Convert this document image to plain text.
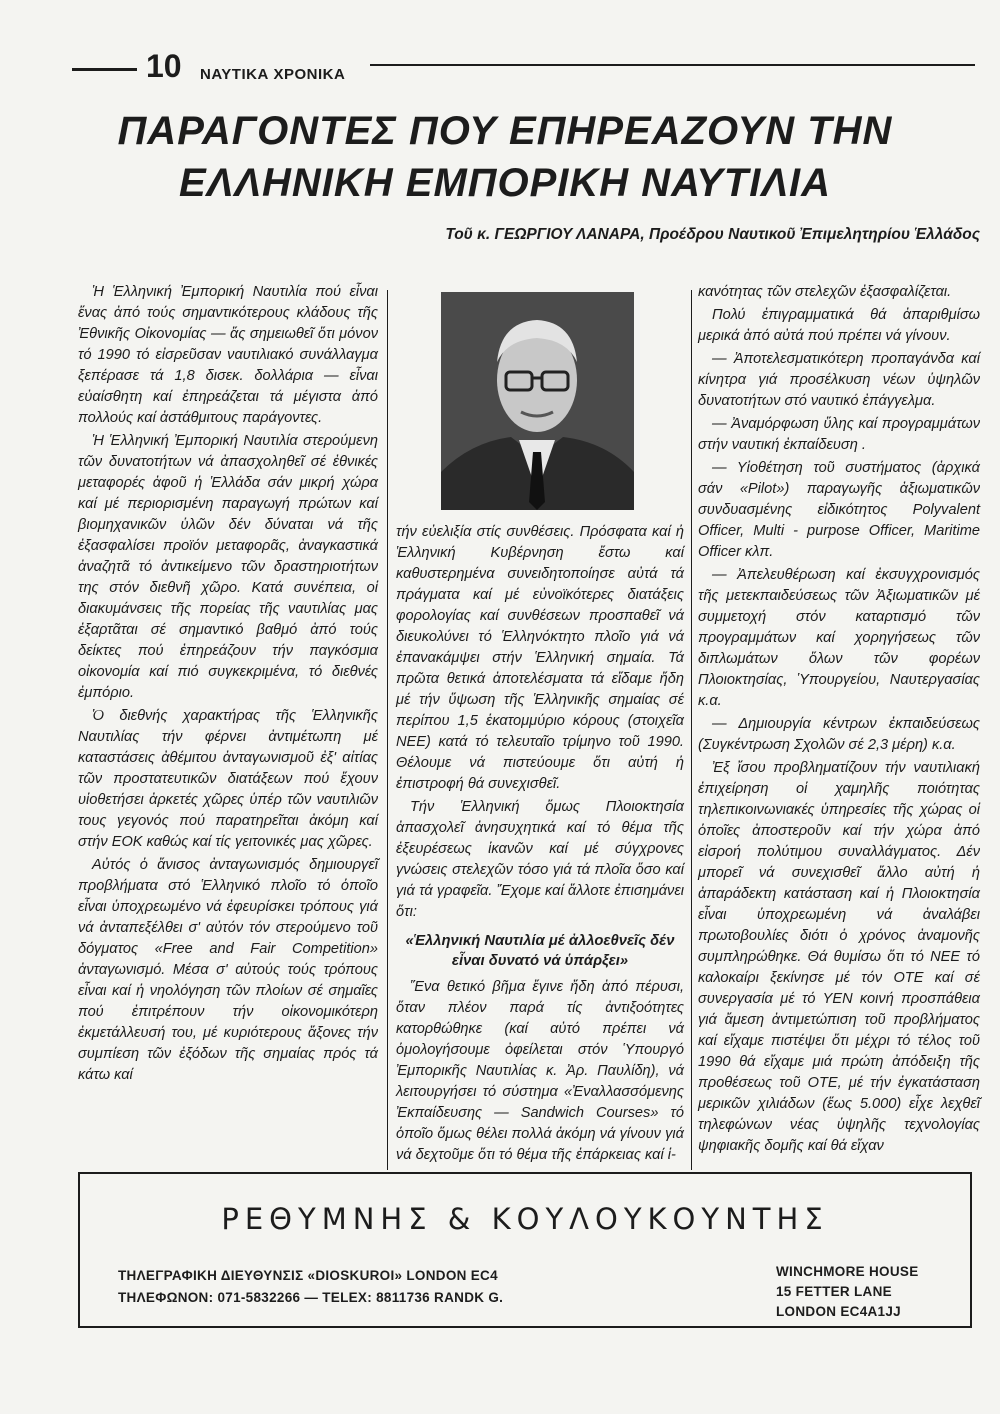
10 ΝΑΥΤΙΚΑ ΧΡΟΝΙΚΑ
ΠΑΡΑΓΟΝΤΕΣ ΠΟΥ ΕΠΗΡΕΑΖΟΥΝ ΤΗΝ
ΕΛΛΗΝΙΚΗ ΕΜΠΟΡΙΚΗ ΝΑΥΤΙΛΙΑ
Τοῦ κ. ΓΕΩΡΓΙΟΥ ΛΑΝΑΡΑ, Προέδρου Ναυτικοῦ Ἐπιμελητηρίου Ἑλλάδος

Ἡ Ἑλληνική Ἐμπορική Ναυτιλία πού εἶναι ἕνας ἀπό τούς σημαντικότερους κλάδους τῆς Ἐθνικῆς Οἰκονομίας — ἄς σημειωθεῖ ὅτι μόνον τό 1990 τό εἰσρεῦσαν ναυτιλιακό συνάλλαγμα ξεπέρασε τά 1,8 δισεκ. δολλάρια — εἶναι εὐαίσθητη καί ἐπηρεάζεται τά μέγιστα ἀπό πολλούς καί ἀστάθμιτους παράγοντες.

Ἡ Ἑλληνική Ἐμπορική Ναυτιλία στερούμενη τῶν δυνατοτήτων νά ἀπασχοληθεῖ σέ ἐθνικές μεταφορές ἀφοῦ ἡ Ἑλλάδα σάν μικρή χώρα καί μέ περιορισμένη παραγωγή πρώτων καί βιομηχανικῶν ὑλῶν δέν δύναται νά τῆς ἐξασφαλίσει προϊόν μεταφορᾶς, ἀναγκαστικά ἀναζητᾶ τό ἀντικείμενο τῶν δραστηριοτήτων της στόν διεθνῆ χῶρο. Κατά συνέπεια, οἱ διακυμάνσεις τῆς πορείας τῆς ναυτιλίας μας ἐξαρτᾶται σέ σημαντικό βαθμό ἀπό τούς δείκτες πού ἐπηρεάζουν τήν παγκόσμια οἰκονομία καί πιό συγκεκριμένα, τό διεθνές ἐμπόριο.

Ὁ διεθνής χαρακτήρας τῆς Ἑλληνικῆς Ναυτιλίας τήν φέρνει ἀντιμέτωπη μέ καταστάσεις ἀθέμιτου ἀνταγωνισμοῦ ἐξ' αἰτίας τῶν προστατευτικῶν διατάξεων πού ἔχουν υἱοθετήσει ἀρκετές χῶρες ὑπέρ τῶν ναυτιλιῶν τους γεγονός πού παρατηρεῖται ἀκόμη καί στήν ΕΟΚ καθώς καί τίς γειτονικές μας χῶρες.

Αὐτός ὁ ἄνισος ἀνταγωνισμός δημιουργεῖ προβλήματα στό Ἑλληνικό πλοῖο τό ὁποῖο εἶναι ὑποχρεωμένο νά ἐφευρίσκει τρόπους γιά νά ἀνταπεξέλθει σ' αὐτόν τόν στερούμενο τοῦ δόγματος «Free and Fair Competition» ἀνταγωνισμό. Μέσα σ' αὐτούς τούς τρόπους εἶναι καί ἡ νηολόγηση τῶν πλοίων σέ σημαῖες πού ἐπιτρέπουν τήν οἰκονομικότερη ἐκμετάλλευσή του, μέ κυριότερους ἄξονες τήν συμπίεση τῶν ἐξόδων τῆς σημαίας πρός τά κάτω καί

τήν εὐελιξία στίς συνθέσεις. Πρόσφατα καί ἡ Ἑλληνική Κυβέρνηση ἔστω καί καθυστερημένα συνειδητοποίησε αὐτά τά πράγματα καί μέ εὐνοϊκότερες διατάξεις φορολογίας καί συνθέσεων προσπαθεῖ νά διευκολύνει τό Ἑλληνόκτητο πλοῖο γιά νά ἐπανακάμψει στήν Ἑλληνική σημαία. Τά πρῶτα θετικά ἀποτελέσματα τά εἴδαμε ἤδη μέ τήν ὕψωση τῆς Ἑλληνικῆς σημαίας σέ περίπου 1,5 ἑκατομμύριο κόρους (στοιχεῖα ΝΕΕ) κατά τό τελευταῖο τρίμηνο τοῦ 1990. Θέλουμε νά πιστεύουμε ὅτι αὐτή ἡ ἐπιστροφή θά συνεχισθεῖ.

Τήν Ἑλληνική ὅμως Πλοιοκτησία ἀπασχολεῖ ἀνησυχητικά καί τό θέμα τῆς ἐξευρέσεως ἱκανῶν καί μέ σύγχρονες γνώσεις στελεχῶν τόσο γιά τά πλοῖα ὅσο καί γιά τά γραφεῖα. Ἔχομε καί ἄλλοτε ἐπισημάνει ὅτι:

«Ἑλληνική Ναυτιλία μέ ἀλλοεθνεῖς δέν εἶναι δυνατό νά ὑπάρξει»

Ἕνα θετικό βῆμα ἔγινε ἤδη ἀπό πέρυσι, ὅταν πλέον παρά τίς ἀντιξοότητες κατορθώθηκε (καί αὐτό πρέπει νά ὁμολογήσουμε ὀφείλεται στόν Ὑπουργό Ἐμπορικῆς Ναυτιλίας κ. Ἀρ. Παυλίδη), νά λειτουργήσει τό σύστημα «Ἐναλλασσόμενης Ἐκπαίδευσης — Sandwich Courses» τό ὁποῖο ὅμως θέλει πολλά ἀκόμη νά γίνουν γιά νά δεχτοῦμε ὅτι τό θέμα τῆς ἐπάρκειας καί ἱ-

κανότητας τῶν στελεχῶν ἐξασφαλίζεται.

Πολύ ἐπιγραμματικά θά ἀπαριθμίσω μερικά ἀπό αὐτά πού πρέπει νά γίνουν.

— Ἀποτελεσματικότερη προπαγάνδα καί κίνητρα γιά προσέλκυση νέων ὑψηλῶν δυνατοτήτων στό ναυτικό ἐπάγγελμα.

— Ἀναμόρφωση ὕλης καί προγραμμάτων στήν ναυτική ἐκπαίδευση .

— Υἱοθέτηση τοῦ συστήματος (ἀρχικά σάν «Pilot») παραγωγῆς ἀξιωματικῶν συνδυασμένης εἰδικότητος Polyvalent Officer, Multi - purpose Officer, Maritime Officer κλπ.

— Ἀπελευθέρωση καί ἐκσυγχρονισμός τῆς μετεκπαιδεύσεως τῶν Ἀξιωματικῶν μέ συμμετοχή στόν καταρτισμό τῶν προγραμμάτων καί χορηγήσεως τῶν διπλωμάτων ὅλων τῶν φορέων Πλοιοκτησίας, Ὑπουργείου, Ναυτεργασίας κ.α.

— Δημιουργία κέντρων ἐκπαιδεύσεως (Συγκέντρωση Σχολῶν σέ 2,3 μέρη) κ.α.

Ἐξ ἴσου προβληματίζουν τήν ναυτιλιακή ἐπιχείρηση οἱ χαμηλῆς ποιότητας τηλεπικοινωνιακές ὑπηρεσίες τῆς χώρας οἱ ὁποῖες ἀποστεροῦν καί τήν χώρα ἀπό εἰσροή πολύτιμου συναλλάγματος. Δέν μπορεῖ νά συνεχισθεῖ ἄλλο αὐτή ἡ ἀπαράδεκτη κατάσταση καί ἡ Πλοιοκτησία εἶναι ὑποχρεωμένη νά ἀναλάβει πρωτοβουλίες διότι ὁ χρόνος ἀναμονῆς συμπληρώθηκε. Θά θυμίσω ὅτι τό ΝΕΕ τό καλοκαίρι ξεκίνησε μέ τόν ΟΤΕ καί σέ συνεργασία μέ τό ΥΕΝ κοινή προσπάθεια γιά ἄμεση ἀντιμετώπιση τοῦ προβλήματος καί εἴχαμε πιστέψει ὅτι μέχρι τό τέλος τοῦ 1990 θά εἴχαμε μιά πρώτη ἀπόδειξη τῆς προθέσεως τοῦ ΟΤΕ, μέ τήν ἐγκατάσταση μερικῶν χιλιάδων (ἕως 5.000) εἶχε λεχθεῖ τηλεφώνων νέας ὑψηλῆς τεχνολογίας ψηφιακῆς δομῆς καί θά εἴχαν

ΡΕΘΥΜΝΗΣ & ΚΟΥΛΟΥΚΟΥΝΤΗΣ
ΤΗΛΕΓΡΑΦΙΚΗ ΔΙΕΥΘΥΝΣΙΣ «DIOSKUROI» LONDON EC4
ΤΗΛΕΦΩΝΟΝ: 071-5832266 — TELEX: 8811736 RANDK G.
WINCHMORE HOUSE
15 FETTER LANE
LONDON EC4A1JJ
